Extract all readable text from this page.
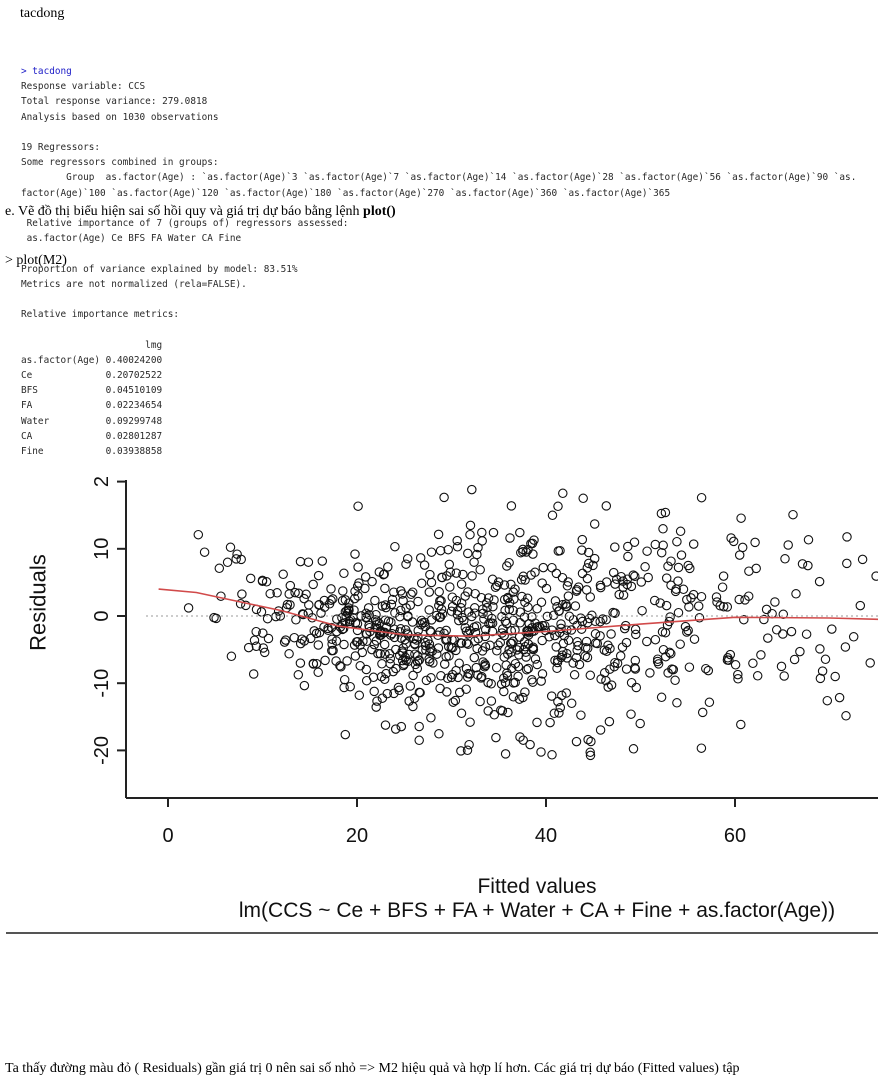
tacdong
> tacdong
Response variable: CCS
Total response variance: 279.0818
Analysis based on 1030 observations
19 Regressors:
Some regressors combined in groups:
Group  as.factor(Age) : `as.factor(Age)`3 `as.factor(Age)`7 `as.factor(Age)`14 `as.factor(Age)`28 `as.factor(Age)`56 `as.factor(Age)`90 `as.
factor(Age)`100 `as.factor(Age)`120 `as.factor(Age)`180 `as.factor(Age)`270 `as.factor(Age)`360 `as.factor(Age)`365
Relative importance of 7 (groups of) regressors assessed:
as.factor(Age) Ce BFS FA Water CA Fine
Proportion of variance explained by model: 83.51%
Metrics are not normalized (rela=FALSE).
Relative importance metrics:
lmg
as.factor(Age) 0.40024200
Ce             0.20702522
BFS            0.04510109
FA             0.02234654
Water          0.09299748
CA             0.02801287
Fine           0.03938858
e. Vẽ đồ thị biểu hiện sai số hồi quy và giá trị dự báo bằng lệnh plot()
> plot(M2)
0	20	40	60
-20
-10
0
10
2
Fitted values
lm(CCS ~ Ce + BFS + FA + Water + CA + Fine + as.factor(Age))
Residuals
Ta thấy đường màu đỏ ( Residuals) gần giá trị 0 nên sai số nhỏ => M2 hiệu quả và hợp lí hơn. Các giá trị dự báo (Fitted values) tập
